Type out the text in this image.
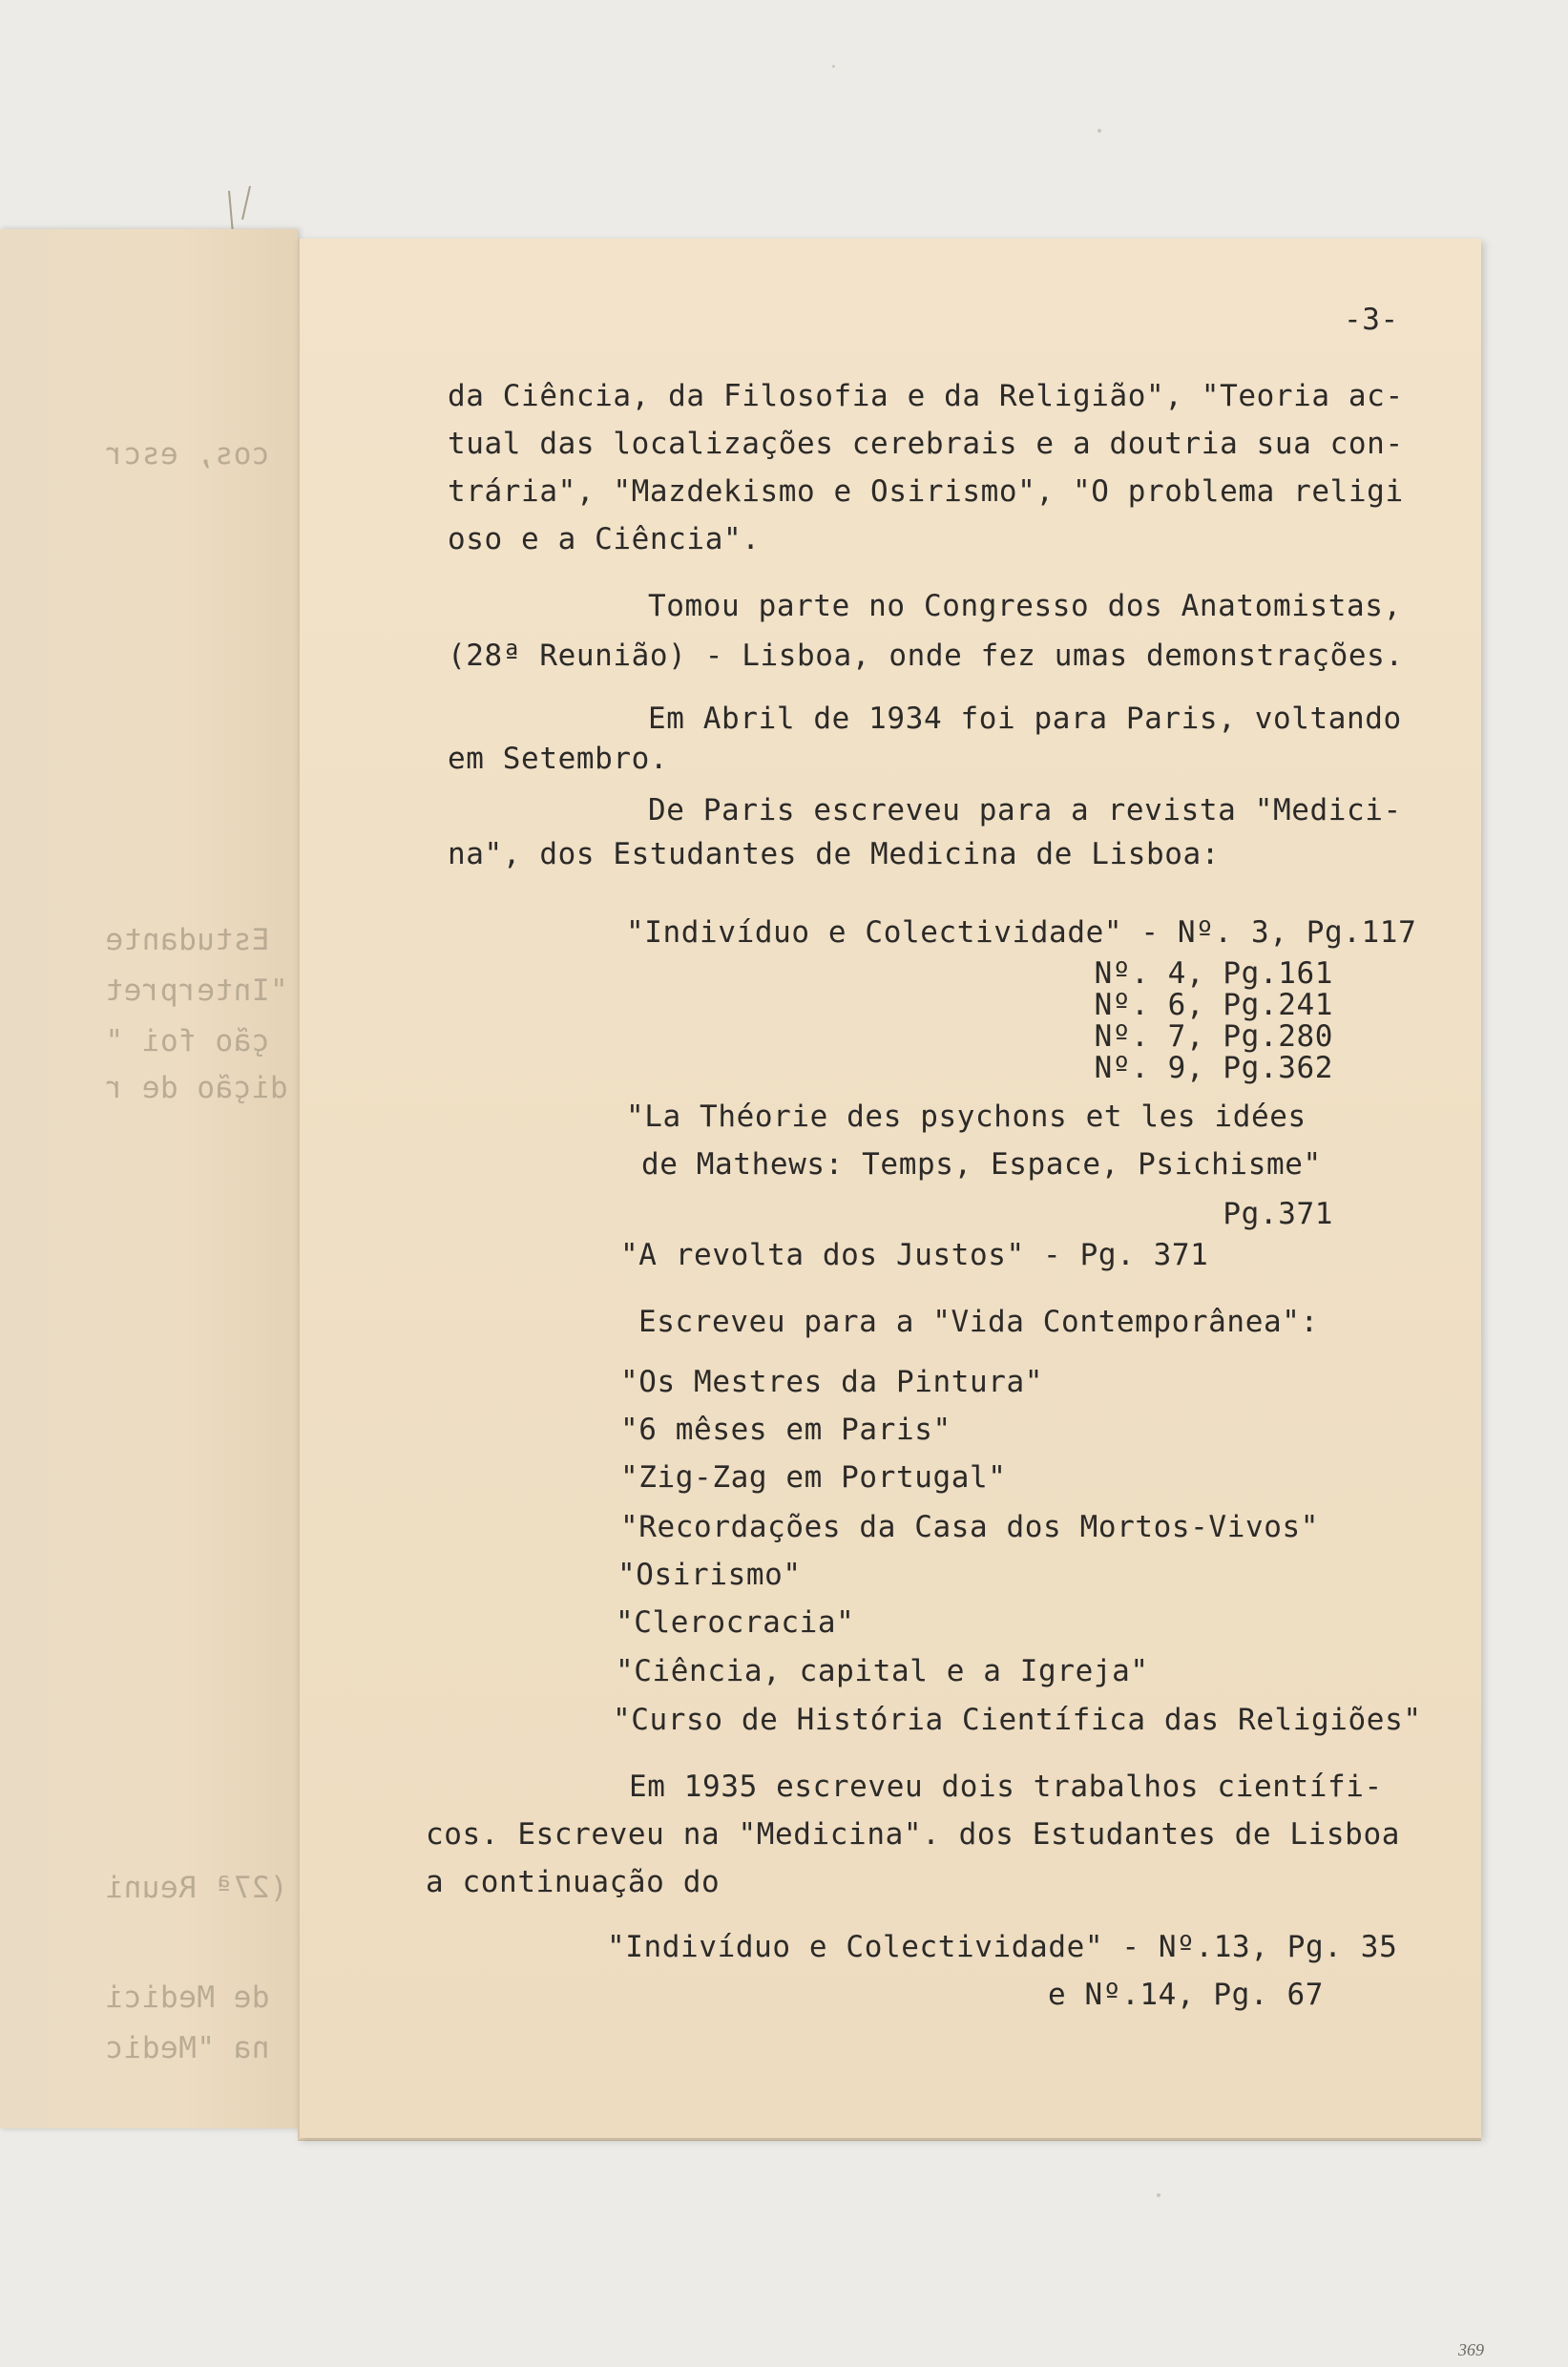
cos, escr
Estudante
"Interpret
ção foi "
dição de r
(27ª Reuni
de Medici
na "Medic
-3-
da Ciência, da Filosofia e da Religião", "Teoria ac-
tual das localizações cerebrais e a doutria sua con-
trária", "Mazdekismo e Osirismo", "O problema religi
oso e a Ciência".
Tomou parte no Congresso dos Anatomistas,
(28ª Reunião) - Lisboa, onde fez umas demonstrações.
Em Abril de 1934 foi para Paris, voltando
em Setembro.
De Paris escreveu para a revista "Medici-
na", dos Estudantes de Medicina de Lisboa:
"Indivíduo e Colectividade" - Nº. 3, Pg.117
Nº. 4, Pg.161
Nº. 6, Pg.241
Nº. 7, Pg.280
Nº. 9, Pg.362
"La Théorie des psychons et les idées
de Mathews: Temps, Espace, Psichisme"
Pg.371
"A revolta dos Justos" - Pg. 371
Escreveu para a "Vida Contemporânea":
"Os Mestres da Pintura"
"6 mêses em Paris"
"Zig-Zag em Portugal"
"Recordações da Casa dos Mortos-Vivos"
"Osirismo"
"Clerocracia"
"Ciência, capital e a Igreja"
"Curso de História Científica das Religiões"
Em 1935 escreveu dois trabalhos científi-
cos. Escreveu na "Medicina". dos Estudantes de Lisboa
a continuação do
"Indivíduo e Colectividade" - Nº.13, Pg. 35
e Nº.14, Pg. 67
369
